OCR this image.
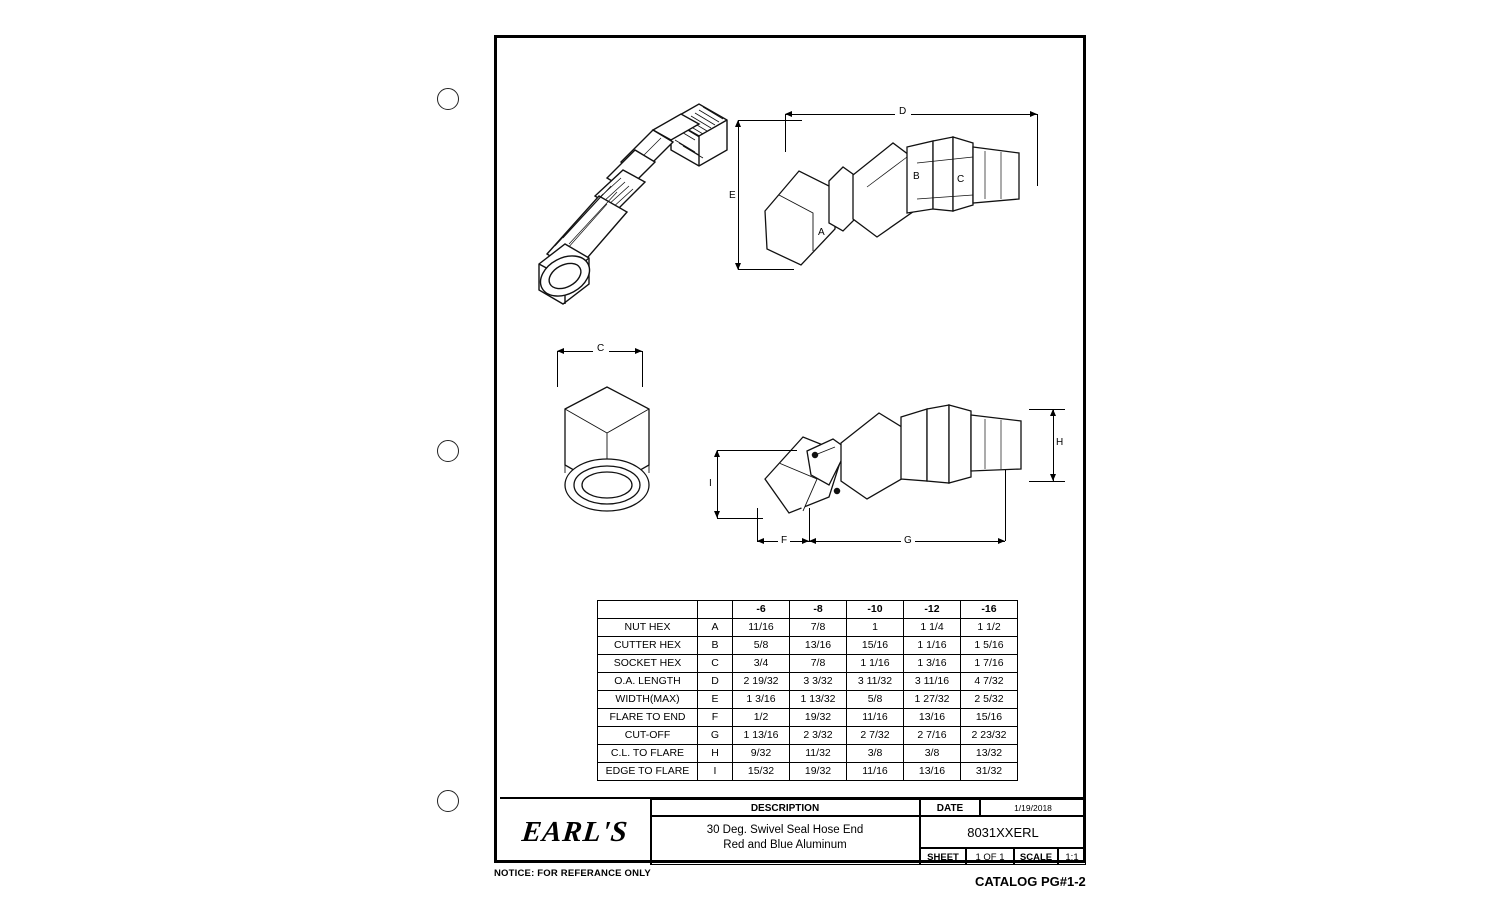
D
E
A
B	C
C
F	G
I
H
		-6	-8	-10	-12	-16
NUT HEX	A	11/16	7/8	1	1 1/4	1 1/2
CUTTER HEX	B	5/8	13/16	15/16	1 1/16	1 5/16
SOCKET HEX	C	3/4	7/8	1 1/16	1 3/16	1 7/16
O.A. LENGTH	D	2 19/32	3 3/32	3 11/32	3 11/16	4 7/32
WIDTH(MAX)	E	1 3/16	1 13/32	5/8	1 27/32	2 5/32
FLARE TO END	F	1/2	19/32	11/16	13/16	15/16
CUT-OFF	G	1 13/16	2 3/32	2 7/32	2 7/16	2 23/32
C.L. TO FLARE	H	9/32	11/32	3/8	3/8	13/32
EDGE TO FLARE	I	15/32	19/32	11/16	13/16	31/32
EARL'S
DESCRIPTION
30 Deg. Swivel Seal Hose End
Red and Blue Aluminum
DATE	1/19/2018
8031XXERL
SHEET	1 OF 1	SCALE	1:1
NOTICE: FOR REFERANCE ONLY
CATALOG PG#1-2
